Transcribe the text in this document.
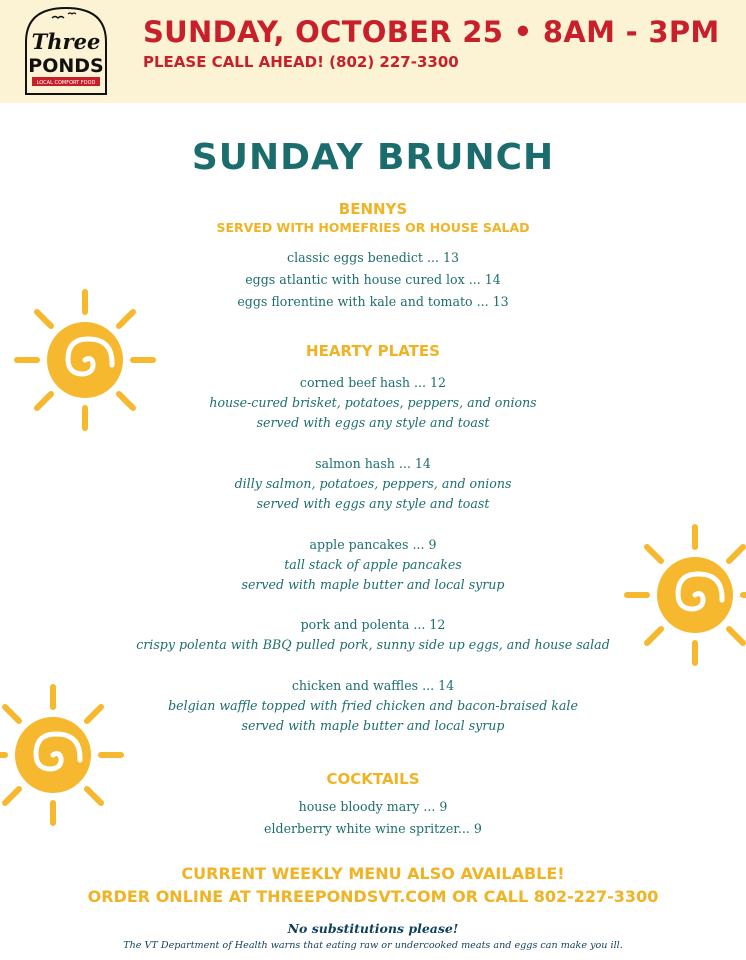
Three
PONDS
LOCAL COMFORT FOOD
SUNDAY, OCTOBER 25 • 8AM - 3PM
PLEASE CALL AHEAD! (802) 227-3300
SUNDAY BRUNCH
BENNYS
SERVED WITH HOMEFRIES OR HOUSE SALAD
classic eggs benedict ... 13
eggs atlantic with house cured lox ... 14
eggs florentine with kale and tomato ... 13
HEARTY PLATES
corned beef hash ... 12
house-cured brisket, potatoes, peppers, and onions
served with eggs any style and toast
salmon hash ... 14
dilly salmon, potatoes, peppers, and onions
served with eggs any style and toast
apple pancakes ... 9
tall stack of apple pancakes
served with maple butter and local syrup
pork and polenta ... 12
crispy polenta with BBQ pulled pork, sunny side up eggs, and house salad
chicken and waffles ... 14
belgian waffle topped with fried chicken and bacon-braised kale
served with maple butter and local syrup
COCKTAILS
house bloody mary ... 9
elderberry white wine spritzer... 9
CURRENT WEEKLY MENU ALSO AVAILABLE!
ORDER ONLINE AT THREEPONDSVT.COM OR CALL 802-227-3300
No substitutions please!
The VT Department of Health warns that eating raw or undercooked meats and eggs can make you ill.
